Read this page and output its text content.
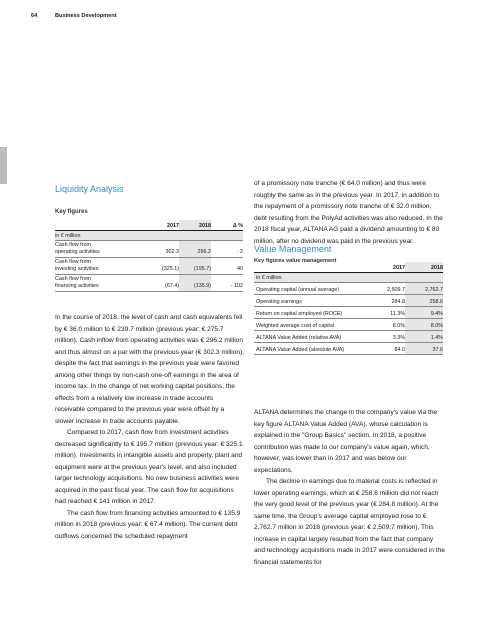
64	Business Development
Liquidity Analysis
Key figures
	2017	2018	Δ %
in € million			
Cash flow from
operating activities	302.3	296.2	- 2
Cash flow from
investing activities	(325.1)	(195.7)	40
Cash flow from
financing activities	(67.4)	(135.9)	- 102

In the course of 2018, the level of cash and cash equivalents fell by € 36.0 million to € 239.7 million (previous year: € 275.7 million). Cash inflow from operating activities was € 296.2 million and thus almost on a par with the previous year (€ 302.3 million), despite the fact that earnings in the previous year were favored among other things by non-cash one-off earnings in the area of income tax. In the change of net working capital positions, the effects from a relatively low increase in trade accounts receivable compared to the previous year were offset by a slower increase in trade accounts payable.

Compared to 2017, cash flow from investment activities decreased significantly to € 195.7 million (previous year: € 325.1 million). Investments in intangible assets and property, plant and equipment were at the previous year's level, and also included larger technology acquisitions. No new business activities were acquired in the past fiscal year. The cash flow for acquisitions had reached € 141 million in 2017.

The cash flow from financing activities amounted to € 135.9 million in 2018 (previous year: € 67.4 million). The current debt outflows concerned the scheduled repayment

of a promissory note tranche (€ 64.0 million) and thus were roughly the same as in the previous year. In 2017, in addition to the repayment of a promissory note tranche of € 32.0 million, debt resulting from the PolyAd activities was also reduced. In the 2018 fiscal year, ALTANA AG paid a dividend amounting to € 80 million, after no dividend was paid in the previous year.

Value Management
Key figures value management
	2017	2018
in € million		
Operating capital (annual average)	2,509.7	2,762.7
Operating earnings	284.8	258.6
Return on capital employed (ROCE)	11.3%	9.4%
Weighted average cost of capital	8.0%	8.0%
ALTANA Value Added (relative AVA)	3.3%	1.4%
ALTANA Value Added (absolute AVA)	84.0	37.6

ALTANA determines the change in the company's value via the key figure ALTANA Value Added (AVA), whose calculation is explained in the "Group Basics" section. In 2018, a positive contribution was made to our company's value again, which, however, was lower than in 2017 and was below our expectations.

The decline in earnings due to material costs is reflected in lower operating earnings, which at € 258.6 million did not reach the very good level of the previous year (€ 284.8 million). At the same time, the Group's average capital employed rose to € 2,762.7 million in 2018 (previous year: € 2,509.7 million). This increase in capital largely resulted from the fact that company and technology acquisitions made in 2017 were considered in the financial statements for
